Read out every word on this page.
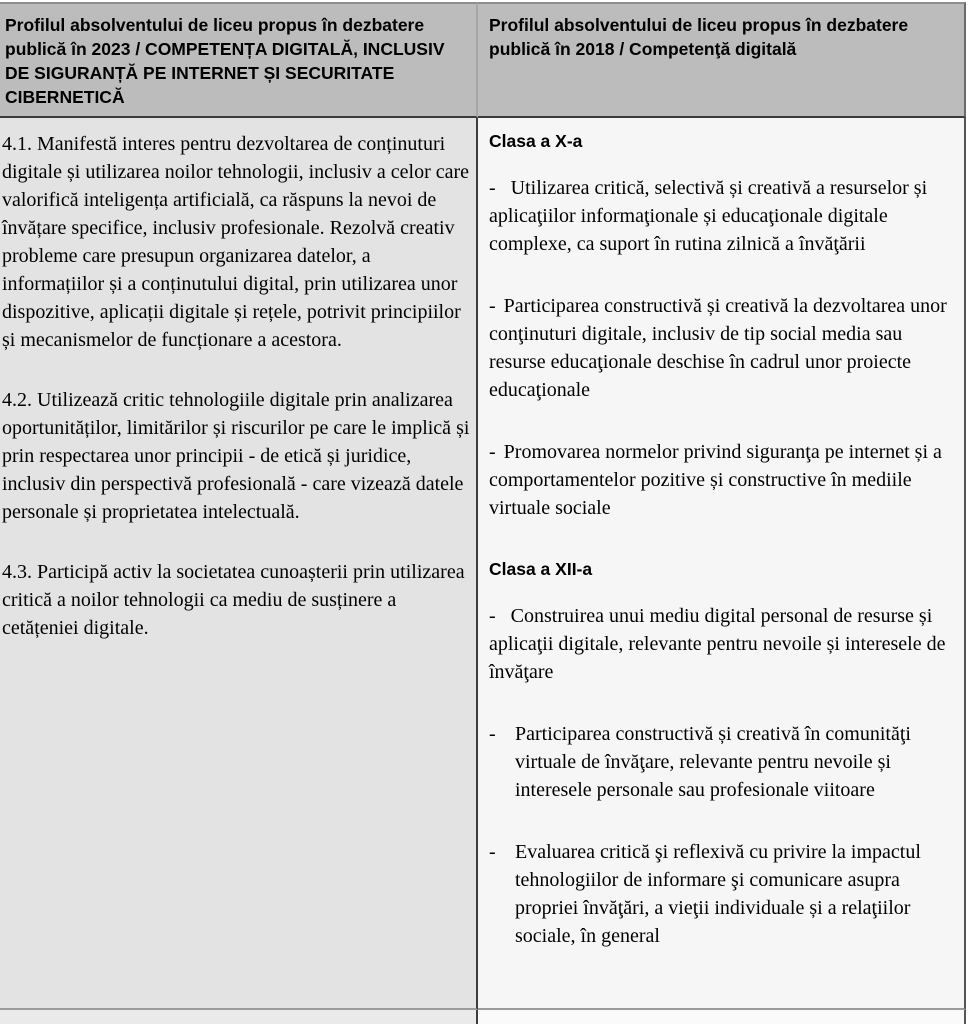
Profilul absolventului de liceu propus în dezbatere publică în 2023 / COMPETENȚA DIGITALĂ, INCLUSIV DE SIGURANȚĂ PE INTERNET ȘI SECURITATE CIBERNETICĂ
Profilul absolventului de liceu propus în dezbatere publică în 2018 / Competenţă digitală

4.1. Manifestă interes pentru dezvoltarea de conținuturi digitale și utilizarea noilor tehnologii, inclusiv a celor care valorifică inteligența artificială, ca răspuns la nevoi de învățare specifice, inclusiv profesionale. Rezolvă creativ probleme care presupun organizarea datelor, a informațiilor și a conținutului digital, prin utilizarea unor dispozitive, aplicații digitale și rețele, potrivit principiilor și mecanismelor de funcționare a acestora.

4.2. Utilizează critic tehnologiile digitale prin analizarea oportunităților, limitărilor și riscurilor pe care le implică și prin respectarea unor principii - de etică și juridice, inclusiv din perspectivă profesională - care vizează datele personale și proprietatea intelectuală.

4.3. Participă activ la societatea cunoașterii prin utilizarea critică a noilor tehnologii ca mediu de susținere a cetățeniei digitale.

Clasa a X-a

- Utilizarea critică, selectivă și creativă a resurselor și aplicaţiilor informaţionale și educaţionale digitale complexe, ca suport în rutina zilnică a învăţării

- Participarea constructivă și creativă la dezvoltarea unor conţinuturi digitale, inclusiv de tip social media sau resurse educaţionale deschise în cadrul unor proiecte educaţionale

- Promovarea normelor privind siguranţa pe internet și a comportamentelor pozitive și constructive în mediile virtuale sociale

Clasa a XII-a

- Construirea unui mediu digital personal de resurse și aplicaţii digitale, relevante pentru nevoile și interesele de învăţare

- Participarea constructivă și creativă în comunităţi virtuale de învăţare, relevante pentru nevoile și interesele personale sau profesionale viitoare
- Evaluarea critică şi reflexivă cu privire la impactul tehnologiilor de informare şi comunicare asupra propriei învăţări, a vieţii individuale și a relaţiilor sociale, în general
